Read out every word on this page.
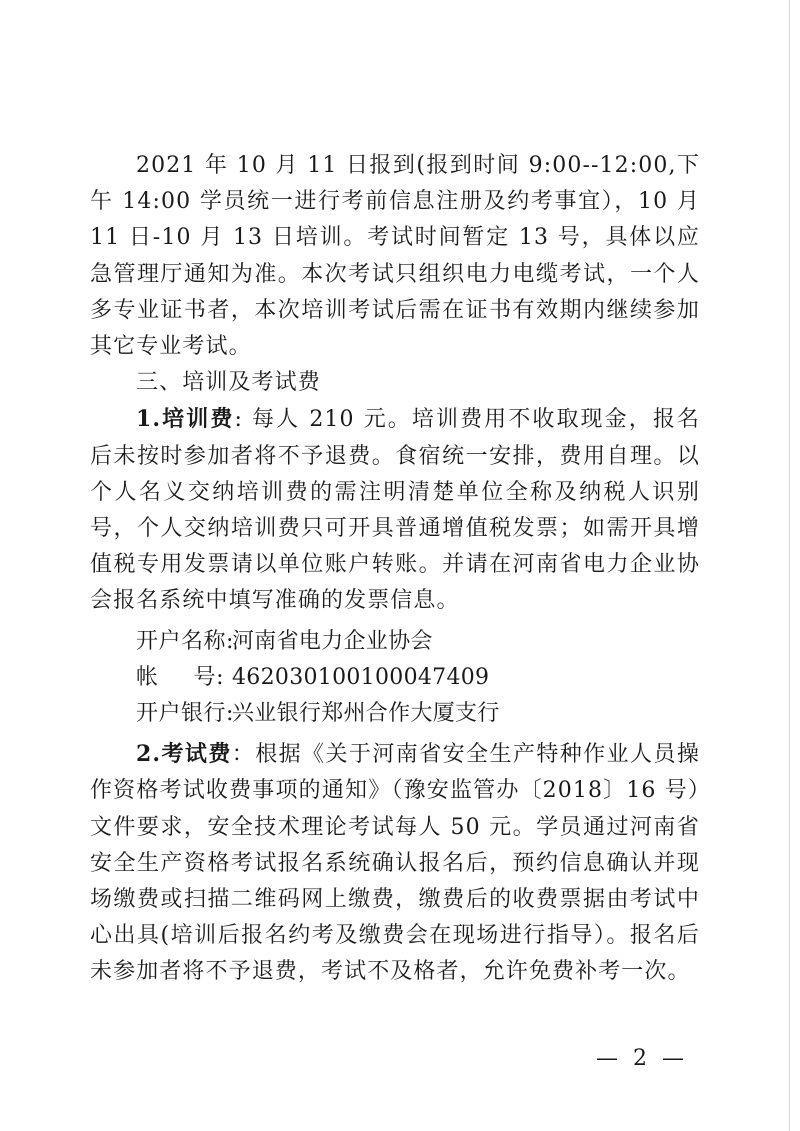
2021 年 10 月 11 日报到(报到时间 9:00--12:00,下午 14:00 学员统一进行考前信息注册及约考事宜），10 月 11 日-10 月 13 日培训。考试时间暂定 13 号，具体以应急管理厅通知为准。本次考试只组织电力电缆考试，一个人多专业证书者，本次培训考试后需在证书有效期内继续参加其它专业考试。

三、培训及考试费

1.培训费: 每人 210 元。培训费用不收取现金，报名后未按时参加者将不予退费。食宿统一安排，费用自理。以个人名义交纳培训费的需注明清楚单位全称及纳税人识别号，个人交纳培训费只可开具普通增值税发票；如需开具增值税专用发票请以单位账户转账。并请在河南省电力企业协会报名系统中填写准确的发票信息。

开户名称:
河南省电力企业协会

帐 号: 462030100100047409

开户银行:
兴业银行郑州合作大厦支行

2.考试费：根据《关于河南省安全生产特种作业人员操作资格考试收费事项的通知》（豫安监管办〔2018〕16 号）文件要求，安全技术理论考试每人 50 元。学员通过河南省安全生产资格考试报名系统确认报名后，预约信息确认并现场缴费或扫描二维码网上缴费，缴费后的收费票据由考试中心出具(培训后报名约考及缴费会在现场进行指导）。报名后未参加者将不予退费，考试不及格者，允许免费补考一次。

— 2 —
